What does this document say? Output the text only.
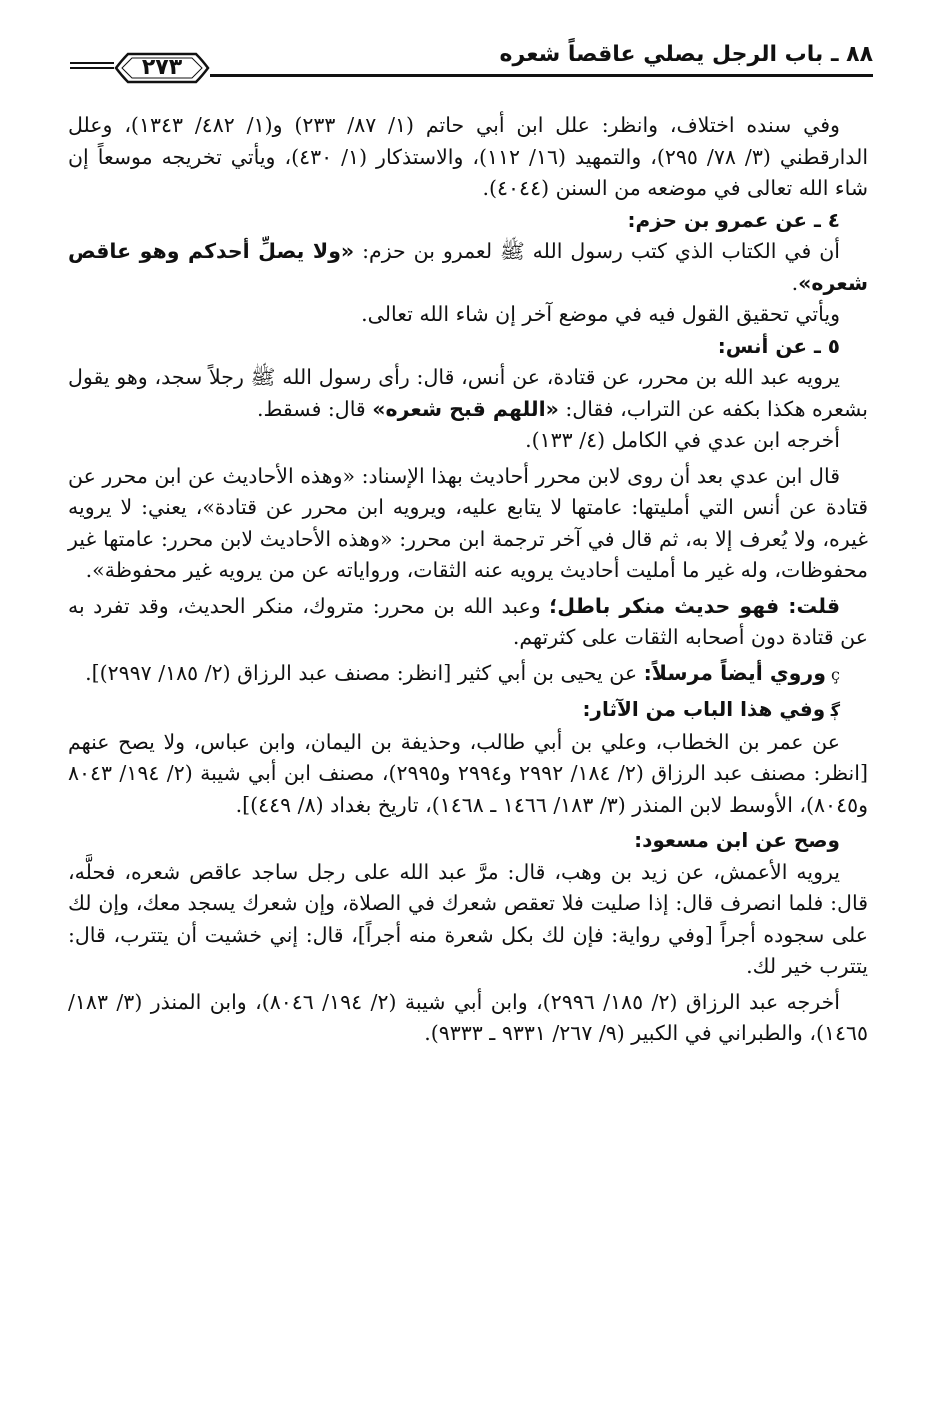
٨٨ ـ باب الرجل يصلي عاقصاً شعره
٢٧٣

وفي سنده اختلاف، وانظر: علل ابن أبي حاتم (١/ ٨٧/ ٢٣٣) و(١/ ٤٨٢/ ١٣٤٣)، وعلل الدارقطني (٣/ ٧٨/ ٢٩٥)، والتمهيد (١٦/ ١١٢)، والاستذكار (١/ ٤٣٠)، ويأتي تخريجه موسعاً إن شاء الله تعالى في موضعه من السنن (٤٠٤٤).

٤ ـ عن عمرو بن حزم:

أن في الكتاب الذي كتب رسول الله ﷺ لعمرو بن حزم: «ولا يصلِّ أحدكم وهو عاقص شعره».

ويأتي تحقيق القول فيه في موضع آخر إن شاء الله تعالى.

٥ ـ عن أنس:

يرويه عبد الله بن محرر، عن قتادة، عن أنس، قال: رأى رسول الله ﷺ رجلاً سجد، وهو يقول بشعره هكذا بكفه عن التراب، فقال: «اللهم قبح شعره» قال: فسقط.

أخرجه ابن عدي في الكامل (٤/ ١٣٣).

قال ابن عدي بعد أن روى لابن محرر أحاديث بهذا الإسناد: «وهذه الأحاديث عن ابن محرر عن قتادة عن أنس التي أمليتها: عامتها لا يتابع عليه، ويرويه ابن محرر عن قتادة»، يعني: لا يرويه غيره، ولا يُعرف إلا به، ثم قال في آخر ترجمة ابن محرر: «وهذه الأحاديث لابن محرر: عامتها غير محفوظات، وله غير ما أمليت أحاديث يرويه عنه الثقات، ورواياته عن من يرويه غير محفوظة».

قلت: فهو حديث منكر باطل؛ وعبد الله بن محرر: متروك، منكر الحديث، وقد تفرد به عن قتادة دون أصحابه الثقات على كثرتهم.

ç وروي أيضاً مرسلاً: عن يحيى بن أبي كثير [انظر: مصنف عبد الرزاق (٢/ ١٨٥/ ٢٩٩٧)].

ﮘ وفي هذا الباب من الآثار:

عن عمر بن الخطاب، وعلي بن أبي طالب، وحذيفة بن اليمان، وابن عباس، ولا يصح عنهم [انظر: مصنف عبد الرزاق (٢/ ١٨٤/ ٢٩٩٢ و٢٩٩٤ و٢٩٩٥)، مصنف ابن أبي شيبة (٢/ ١٩٤/ ٨٠٤٣ و٨٠٤٥)، الأوسط لابن المنذر (٣/ ١٨٣/ ١٤٦٦ ـ ١٤٦٨)، تاريخ بغداد (٨/ ٤٤٩)].

وصح عن ابن مسعود:

يرويه الأعمش، عن زيد بن وهب، قال: مرَّ عبد الله على رجل ساجد عاقص شعره، فحلَّه، قال: فلما انصرف قال: إذا صليت فلا تعقص شعرك في الصلاة، وإن شعرك يسجد معك، وإن لك على سجوده أجراً [وفي رواية: فإن لك بكل شعرة منه أجراً]، قال: إني خشيت أن يتترب، قال: يتترب خير لك.

أخرجه عبد الرزاق (٢/ ١٨٥/ ٢٩٩٦)، وابن أبي شيبة (٢/ ١٩٤/ ٨٠٤٦)، وابن المنذر (٣/ ١٨٣/ ١٤٦٥)، والطبراني في الكبير (٩/ ٢٦٧/ ٩٣٣١ ـ ٩٣٣٣).
